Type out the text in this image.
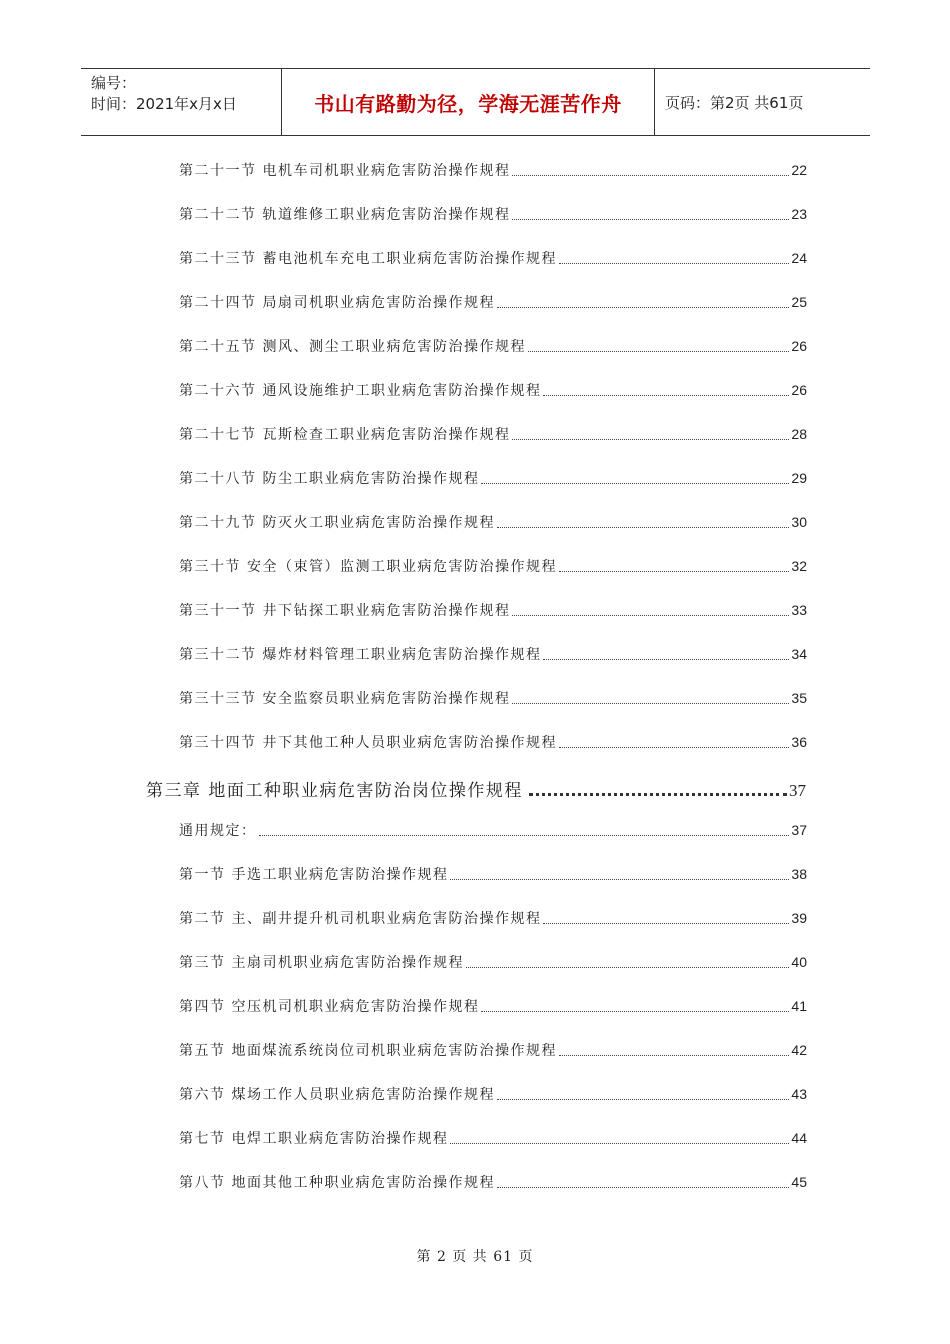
编号：
时间：2021年x月x日	书山有路勤为径，学海无涯苦作舟	页码：第2页 共61页
第二十一节 电机车司机职业病危害防治操作规程	22
第二十二节 轨道维修工职业病危害防治操作规程	23
第二十三节 蓄电池机车充电工职业病危害防治操作规程	24
第二十四节 局扇司机职业病危害防治操作规程	25
第二十五节 测风、测尘工职业病危害防治操作规程	26
第二十六节 通风设施维护工职业病危害防治操作规程	26
第二十七节 瓦斯检查工职业病危害防治操作规程	28
第二十八节 防尘工职业病危害防治操作规程	29
第二十九节 防灭火工职业病危害防治操作规程	30
第三十节 安全（束管）监测工职业病危害防治操作规程	32
第三十一节 井下钻探工职业病危害防治操作规程	33
第三十二节 爆炸材料管理工职业病危害防治操作规程	34
第三十三节 安全监察员职业病危害防治操作规程	35
第三十四节 井下其他工种人员职业病危害防治操作规程	36
第三章 地面工种职业病危害防治岗位操作规程	37
通用规定：	37
第一节 手选工职业病危害防治操作规程	38
第二节 主、副井提升机司机职业病危害防治操作规程	39
第三节 主扇司机职业病危害防治操作规程	40
第四节 空压机司机职业病危害防治操作规程	41
第五节 地面煤流系统岗位司机职业病危害防治操作规程	42
第六节 煤场工作人员职业病危害防治操作规程	43
第七节 电焊工职业病危害防治操作规程	44
第八节 地面其他工种职业病危害防治操作规程	45
第 2 页 共 61 页
